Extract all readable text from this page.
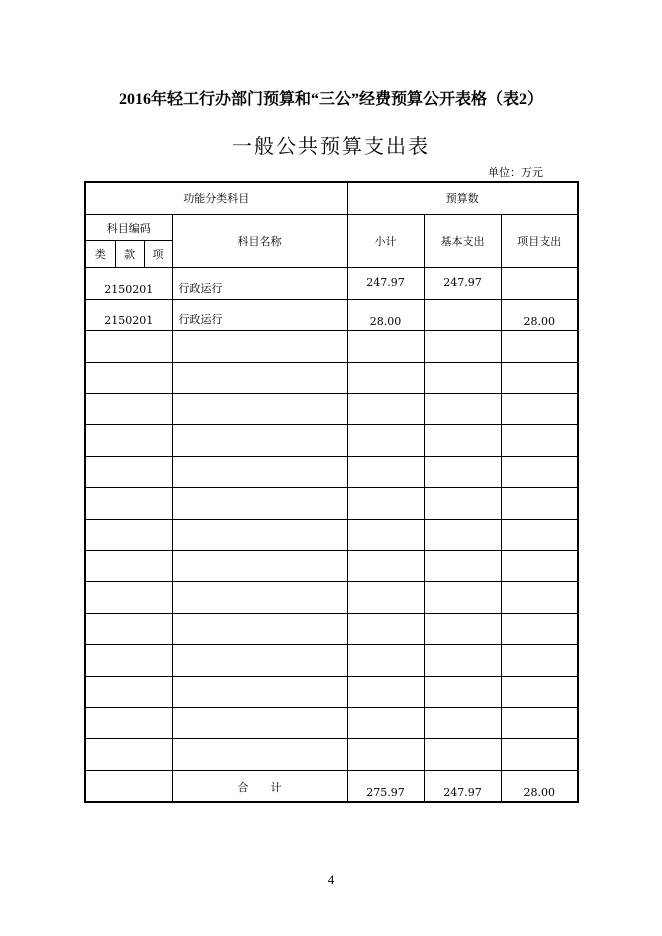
2016年轻工行办部门预算和“三公”经费预算公开表格（表2）
一般公共预算支出表
单位：万元
功能分类科目				预算数		
科目编码			科目名称	小计	基本支出	项目支出
类	款	项				
2150201			行政运行	247.97	247.97	
2150201			行政运行	28.00		28.00

			合　　计	275.97	247.97	28.00
4
